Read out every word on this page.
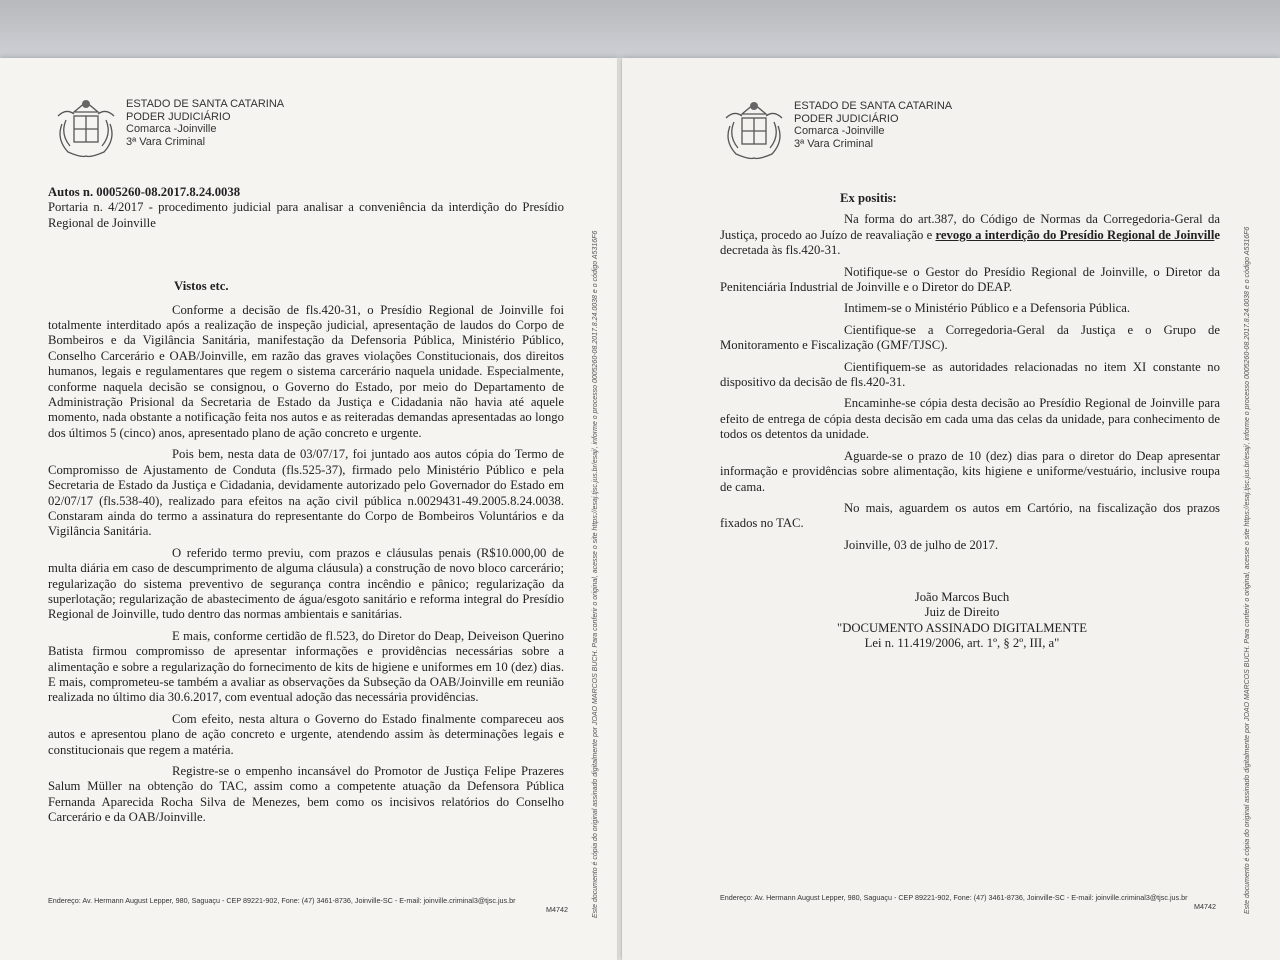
ESTADO DE SANTA CATARINA
PODER JUDICIÁRIO
Comarca -Joinville
3ª Vara Criminal
Autos n. 0005260-08.2017.8.24.0038
Portaria n. 4/2017 - procedimento judicial para analisar a conveniência da interdição do Presídio Regional de Joinville
Vistos etc.

Conforme a decisão de fls.420-31, o Presídio Regional de Joinville foi totalmente interditado após a realização de inspeção judicial, apresentação de laudos do Corpo de Bombeiros e da Vigilância Sanitária, manifestação da Defensoria Pública, Ministério Público, Conselho Carcerário e OAB/Joinville, em razão das graves violações Constitucionais, dos direitos humanos, legais e regulamentares que regem o sistema carcerário naquela unidade. Especialmente, conforme naquela decisão se consignou, o Governo do Estado, por meio do Departamento de Administração Prisional da Secretaria de Estado da Justiça e Cidadania não havia até aquele momento, nada obstante a notificação feita nos autos e as reiteradas demandas apresentadas ao longo dos últimos 5 (cinco) anos, apresentado plano de ação concreto e urgente.

Pois bem, nesta data de 03/07/17, foi juntado aos autos cópia do Termo de Compromisso de Ajustamento de Conduta (fls.525-37), firmado pelo Ministério Público e pela Secretaria de Estado da Justiça e Cidadania, devidamente autorizado pelo Governador do Estado em 02/07/17 (fls.538-40), realizado para efeitos na ação civil pública n.0029431-49.2005.8.24.0038. Constaram ainda do termo a assinatura do representante do Corpo de Bombeiros Voluntários e da Vigilância Sanitária.

O referido termo previu, com prazos e cláusulas penais (R$10.000,00 de multa diária em caso de descumprimento de alguma cláusula) a construção de novo bloco carcerário; regularização do sistema preventivo de segurança contra incêndio e pânico; regularização da superlotação; regularização de abastecimento de água/esgoto sanitário e reforma integral do Presídio Regional de Joinville, tudo dentro das normas ambientais e sanitárias.

E mais, conforme certidão de fl.523, do Diretor do Deap, Deiveison Querino Batista firmou compromisso de apresentar informações e providências necessárias sobre a alimentação e sobre a regularização do fornecimento de kits de higiene e uniformes em 10 (dez) dias. E mais, comprometeu-se também a avaliar as observações da Subseção da OAB/Joinville em reunião realizada no último dia 30.6.2017, com eventual adoção das necessária providências.

Com efeito, nesta altura o Governo do Estado finalmente compareceu aos autos e apresentou plano de ação concreto e urgente, atendendo assim às determinações legais e constitucionais que regem a matéria.

Registre-se o empenho incansável do Promotor de Justiça Felipe Prazeres Salum Müller na obtenção do TAC, assim como a competente atuação da Defensora Pública Fernanda Aparecida Rocha Silva de Menezes, bem como os incisivos relatórios do Conselho Carcerário e da OAB/Joinville.

Endereço: Av. Hermann August Lepper, 980, Saguaçu - CEP 89221-902, Fone: (47) 3461-8736, Joinville-SC - E-mail: joinville.criminal3@tjsc.jus.br
M4742	Este documento é cópia do original assinado digitalmente por JOAO MARCOS BUCH. Para conferir o original, acesse o site https://esaj.tjsc.jus.br/esaj/, informe o processo 0005260-08.2017.8.24.0038 e o código A5316F6
ESTADO DE SANTA CATARINA
PODER JUDICIÁRIO
Comarca -Joinville
3ª Vara Criminal
Ex positis:

Na forma do art.387, do Código de Normas da Corregedoria-Geral da Justiça, procedo ao Juízo de reavaliação e revogo a interdição do Presídio Regional de Joinville decretada às fls.420-31.

Notifique-se o Gestor do Presídio Regional de Joinville, o Diretor da Penitenciária Industrial de Joinville e o Diretor do DEAP.

Intimem-se o Ministério Público e a Defensoria Pública.

Cientifique-se a Corregedoria-Geral da Justiça e o Grupo de Monitoramento e Fiscalização (GMF/TJSC).

Cientifiquem-se as autoridades relacionadas no item XI constante no dispositivo da decisão de fls.420-31.

Encaminhe-se cópia desta decisão ao Presídio Regional de Joinville para efeito de entrega de cópia desta decisão em cada uma das celas da unidade, para conhecimento de todos os detentos da unidade.

Aguarde-se o prazo de 10 (dez) dias para o diretor do Deap apresentar informação e providências sobre alimentação, kits higiene e uniforme/vestuário, inclusive roupa de cama.

No mais, aguardem os autos em Cartório, na fiscalização dos prazos fixados no TAC.

Joinville, 03 de julho de 2017.

João Marcos Buch
Juiz de Direito
"DOCUMENTO ASSINADO DIGITALMENTE
Lei n. 11.419/2006, art. 1º, § 2º, III, a"
Endereço: Av. Hermann August Lepper, 980, Saguaçu - CEP 89221-902, Fone: (47) 3461-8736, Joinville-SC - E-mail: joinville.criminal3@tjsc.jus.br
M4742	Este documento é cópia do original assinado digitalmente por JOAO MARCOS BUCH. Para conferir o original, acesse o site https://esaj.tjsc.jus.br/esaj/, informe o processo 0005260-08.2017.8.24.0038 e o código A5316F6
